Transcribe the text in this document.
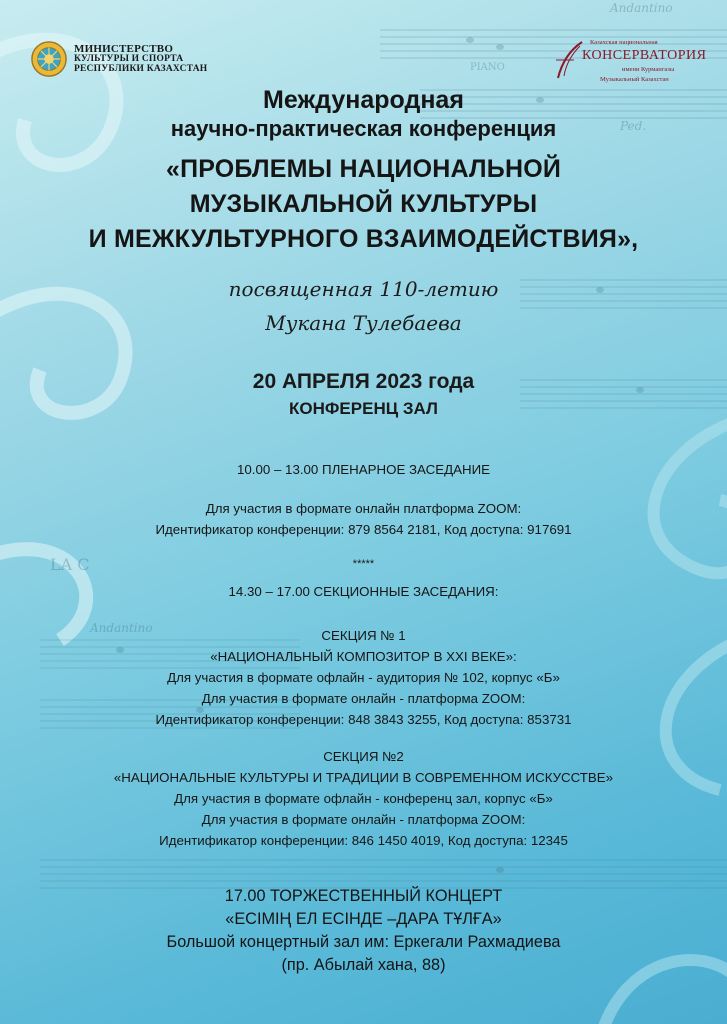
Andantino
PIANO
Ped.
LA C
Andantino
МИНИСТЕРСТВО
КУЛЬТУРЫ И СПОРТА
РЕСПУБЛИКИ КАЗАХСТАН
Казахская национальная
КОНСЕРВАТОРИЯ
имени Курмангазы
Музыкальный Казахстан
Международная
научно-практическая конференция
«ПРОБЛЕМЫ НАЦИОНАЛЬНОЙ
МУЗЫКАЛЬНОЙ КУЛЬТУРЫ
И МЕЖКУЛЬТУРНОГО ВЗАИМОДЕЙСТВИЯ»,
посвященная 110-летию
Мукана Тулебаева
20 АПРЕЛЯ 2023 года
КОНФЕРЕНЦ ЗАЛ
10.00 – 13.00 ПЛЕНАРНОЕ ЗАСЕДАНИЕ
Для участия в формате онлайн платформа ZOOM:
Идентификатор конференции: 879 8564 2181, Код доступа: 917691
*****
14.30 – 17.00 СЕКЦИОННЫЕ ЗАСЕДАНИЯ:
СЕКЦИЯ № 1
«НАЦИОНАЛЬНЫЙ КОМПОЗИТОР В XXI ВЕКЕ»:
Для участия в формате офлайн - аудитория № 102, корпус «Б»
Для участия в формате онлайн - платформа ZOOM:
Идентификатор конференции: 848 3843 3255, Код доступа: 853731
СЕКЦИЯ №2
«НАЦИОНАЛЬНЫЕ КУЛЬТУРЫ И ТРАДИЦИИ В СОВРЕМЕННОМ ИСКУССТВЕ»
Для участия в формате офлайн - конференц зал, корпус «Б»
Для участия в формате онлайн - платформа ZOOM:
Идентификатор конференции: 846 1450 4019, Код доступа: 12345
17.00 ТОРЖЕСТВЕННЫЙ КОНЦЕРТ
«ЕСІМІҢ ЕЛ ЕСІНДЕ –ДАРА ТҰЛҒА»
Большой концертный зал им: Еркегали Рахмадиева
(пр. Абылай хана, 88)
